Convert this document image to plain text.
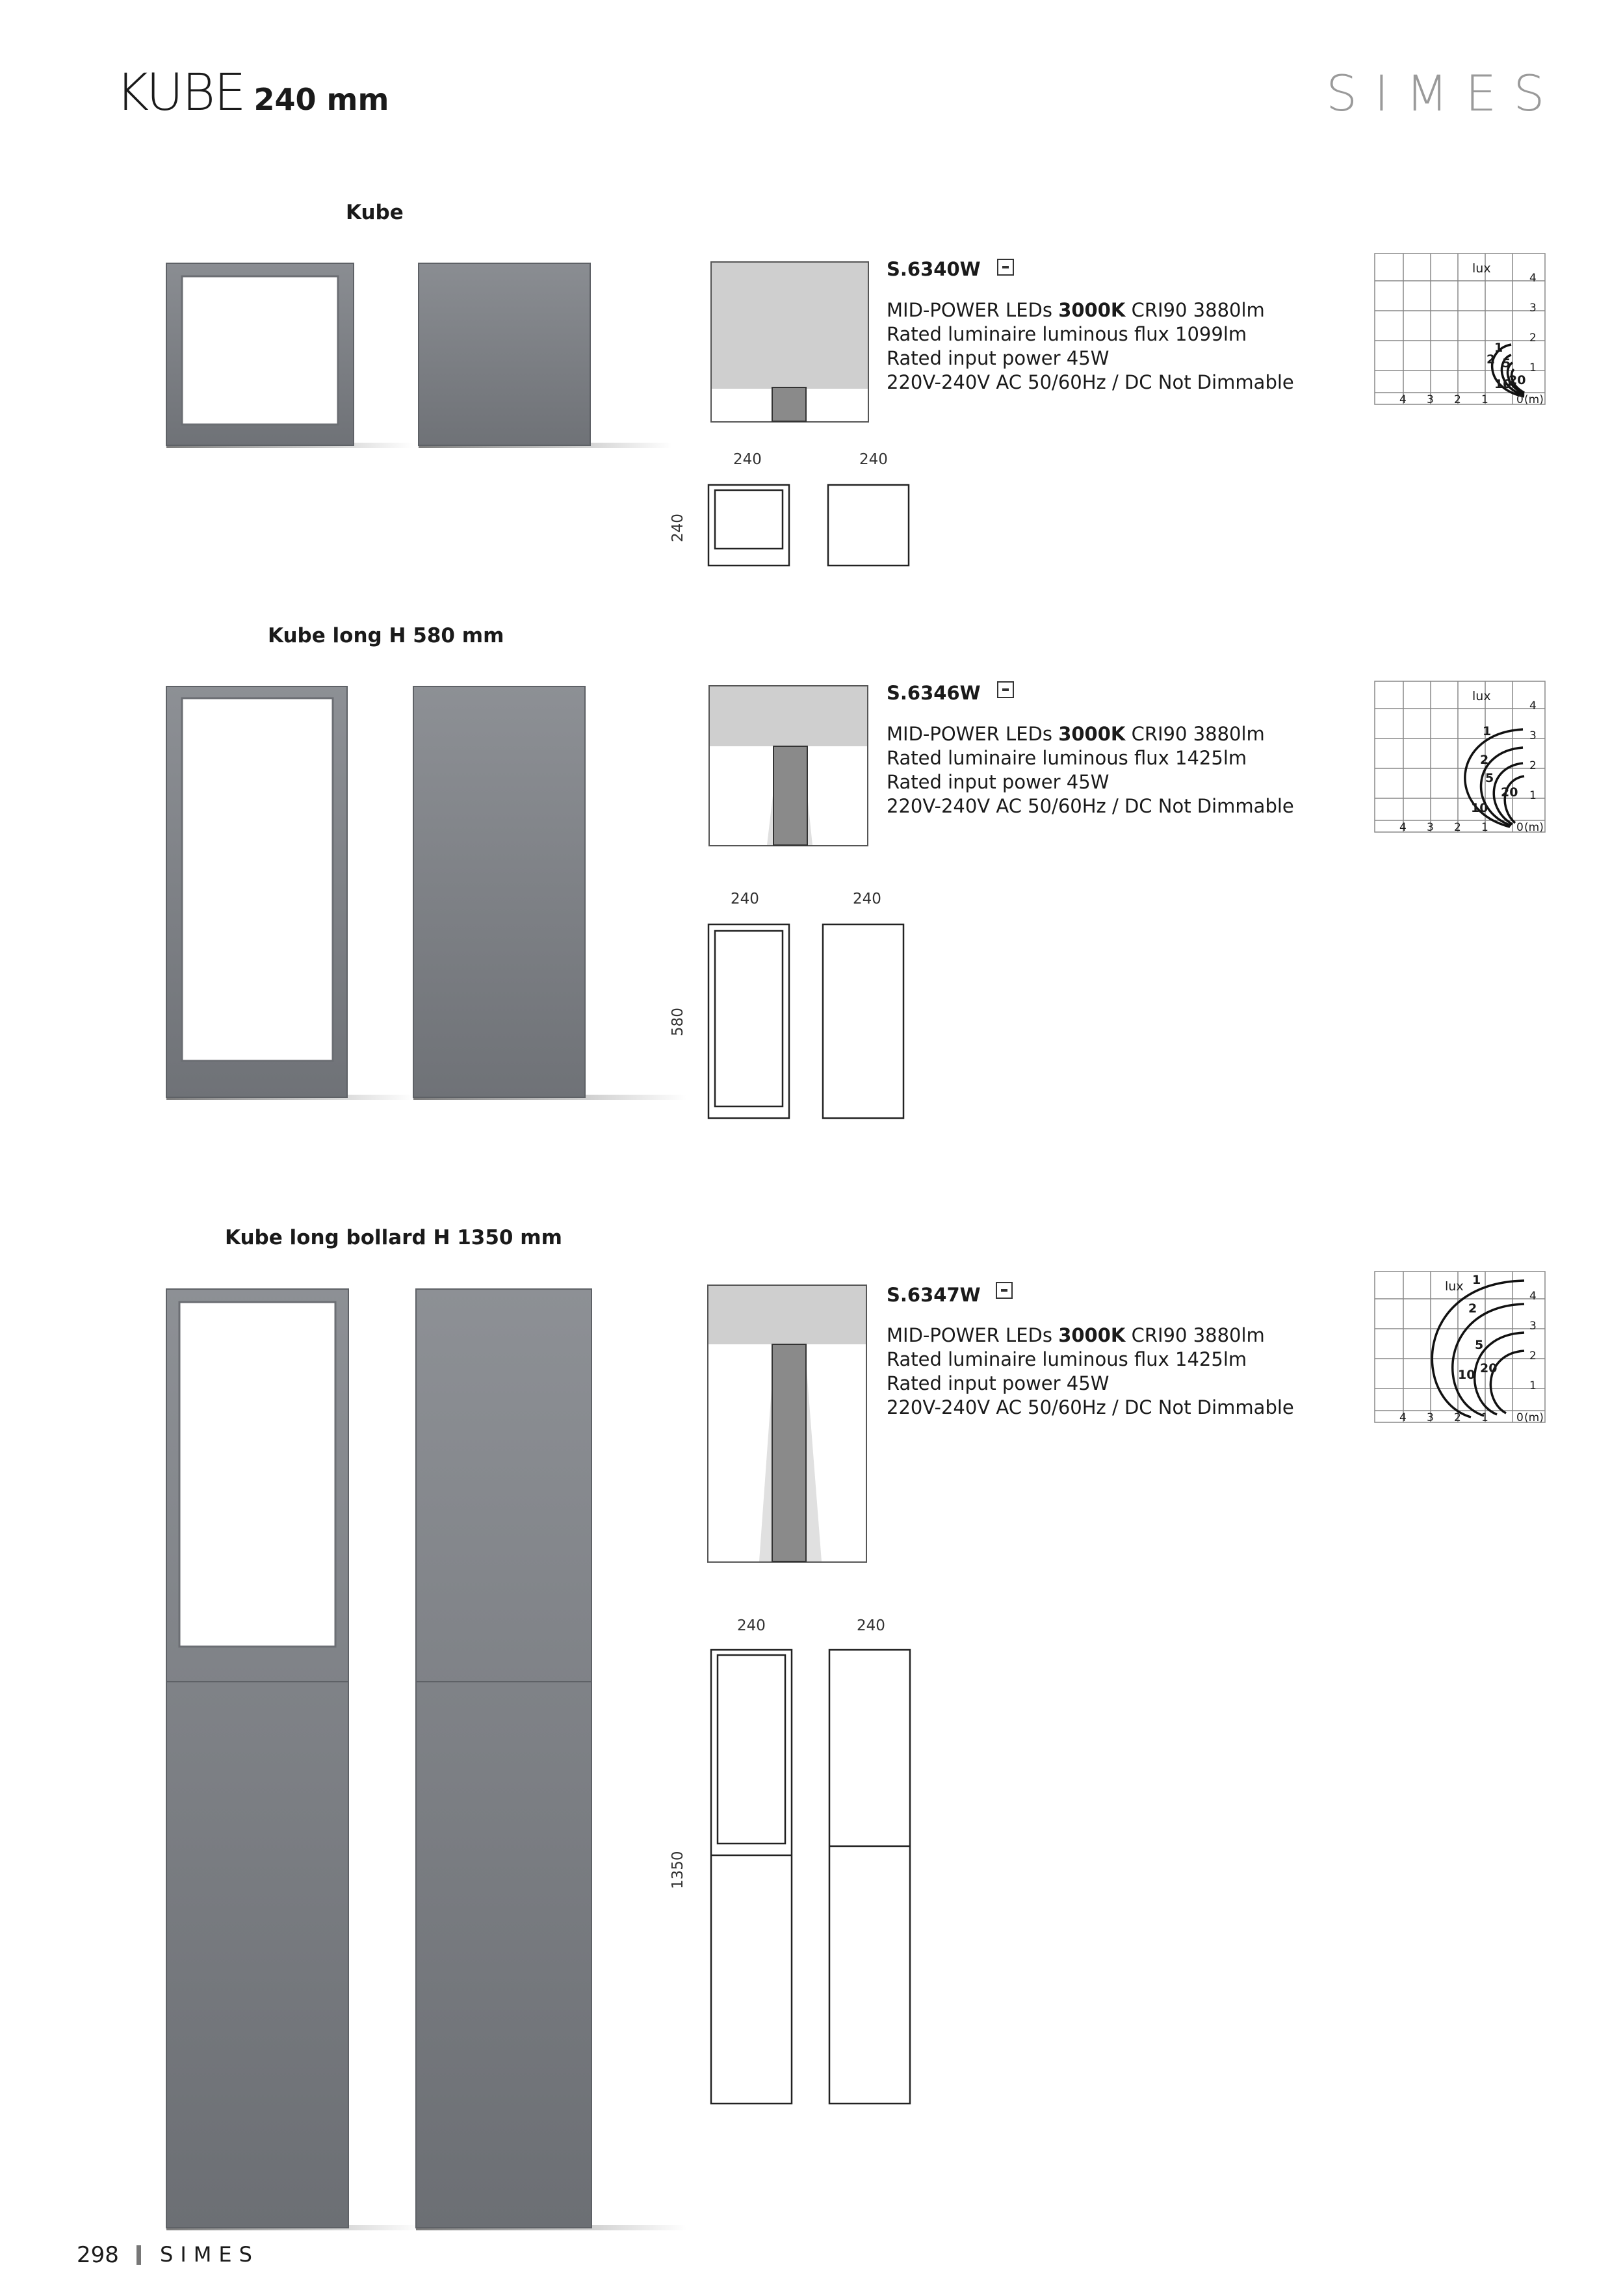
KUBE 240 mm	SIMES
Kube
S.6340W
MID-POWER LEDs 3000K CRI90 3880lm
Rated luminaire luminous flux 1099lm
Rated input power 45W
220V-240V AC 50/60Hz / DC Not Dimmable
lux
1
2 5
10
20
4
3
2
1
4 3 2 1	0 (m)
240	240
240
Kube long H 580 mm
S.6346W
MID-POWER LEDs 3000K CRI90 3880lm
Rated luminaire luminous flux 1425lm
Rated input power 45W
220V-240V AC 50/60Hz / DC Not Dimmable
lux
1
2
5
10
20
4
3
2
1
4 3 2 1	0 (m)
240	240
580
Kube long bollard H 1350 mm
S.6347W
MID-POWER LEDs 3000K CRI90 3880lm
Rated luminaire luminous flux 1425lm
Rated input power 45W
220V-240V AC 50/60Hz / DC Not Dimmable
lux 1
2
5
10 20
4
3
2
1
4 3 2 1	0 (m)
240	240
1350
298 SIMES
